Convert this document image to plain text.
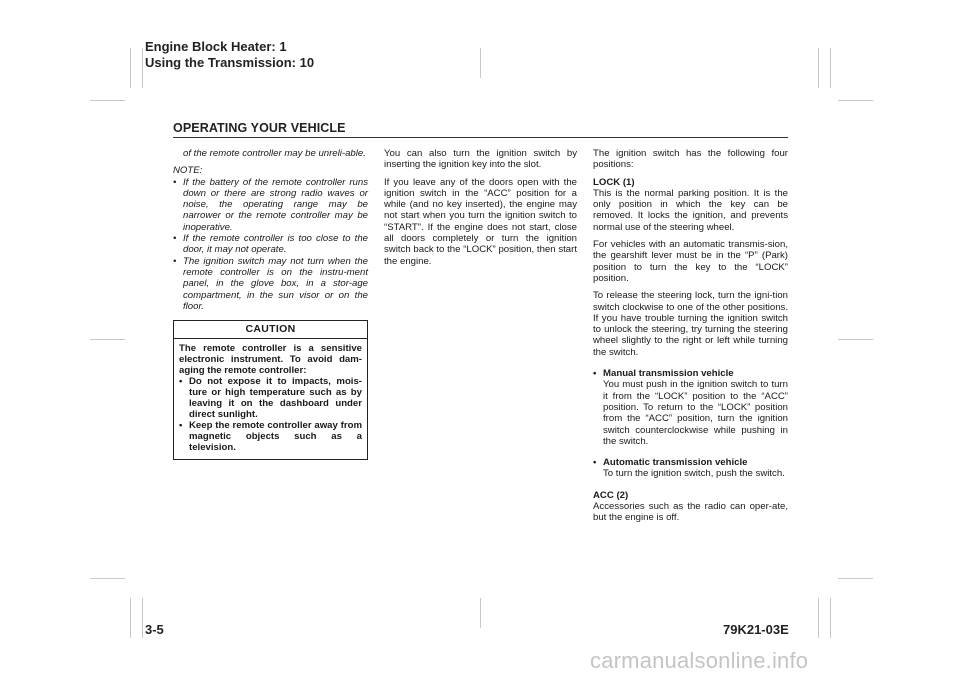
Engine Block Heater: 1
Using the Transmission: 10
OPERATING YOUR VEHICLE

of the remote controller may be unreli-able.

NOTE:
• If the battery of the remote controller runs down or there are strong radio waves or noise, the operating range may be narrower or the remote controller may be inoperative.
• If the remote controller is too close to the door, it may not operate.
• The ignition switch may not turn when the remote controller is on the instru-ment panel, in the glove box, in a stor-age compartment, in the sun visor or on the floor.
CAUTION

The remote controller is a sensitive electronic instrument. To avoid dam-aging the remote controller:

• Do not expose it to impacts, mois-ture or high temperature such as by leaving it on the dashboard under direct sunlight.
• Keep the remote controller away from magnetic objects such as a television.

You can also turn the ignition switch by inserting the ignition key into the slot.

If you leave any of the doors open with the ignition switch in the “ACC” position for a while (and no key inserted), the engine may not start when you turn the ignition switch to “START”. If the engine does not start, close all doors completely or turn the ignition switch back to the “LOCK” position, then start the engine.

The ignition switch has the following four positions:

LOCK (1)

This is the normal parking position. It is the only position in which the key can be removed. It locks the ignition, and prevents normal use of the steering wheel.

For vehicles with an automatic transmis-sion, the gearshift lever must be in the “P” (Park) position to turn the key to the “LOCK” position.

To release the steering lock, turn the igni-tion switch clockwise to one of the other positions. If you have trouble turning the ignition switch to unlock the steering, try turning the steering wheel slightly to the right or left while turning the switch.

• Manual transmission vehicle

You must push in the ignition switch to turn it from the “LOCK” position to the “ACC” position. To return to the “LOCK” position from the “ACC” position, turn the ignition switch counterclockwise while pushing in the switch.

• Automatic transmission vehicle

To turn the ignition switch, push the switch.

ACC (2)

Accessories such as the radio can oper-ate, but the engine is off.

3-5	79K21-03E
carmanualsonline.info
